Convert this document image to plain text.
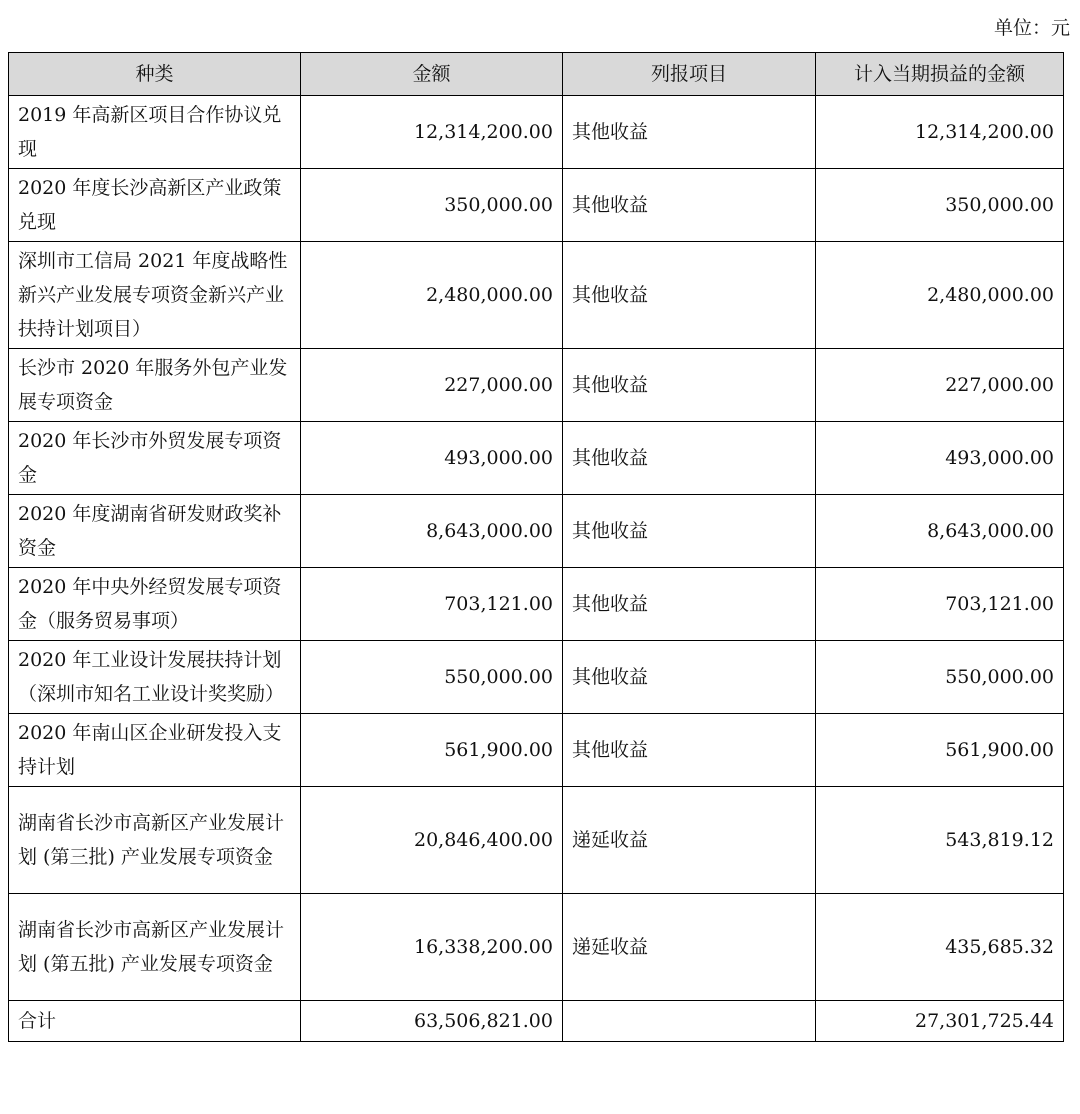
单位：元
种类	金额	列报项目	计入当期损益的金额
2019 年高新区项目合作协议兑现	12,314,200.00	其他收益	12,314,200.00
2020 年度长沙高新区产业政策兑现	350,000.00	其他收益	350,000.00
深圳市工信局 2021 年度战略性新兴产业发展专项资金新兴产业扶持计划项目）	2,480,000.00	其他收益	2,480,000.00
长沙市 2020 年服务外包产业发展专项资金	227,000.00	其他收益	227,000.00
2020 年长沙市外贸发展专项资金	493,000.00	其他收益	493,000.00
2020 年度湖南省研发财政奖补资金	8,643,000.00	其他收益	8,643,000.00
2020 年中央外经贸发展专项资金（服务贸易事项）	703,121.00	其他收益	703,121.00
2020 年工业设计发展扶持计划（深圳市知名工业设计奖奖励）	550,000.00	其他收益	550,000.00
2020 年南山区企业研发投入支持计划	561,900.00	其他收益	561,900.00
湖南省长沙市高新区产业发展计划 (第三批) 产业发展专项资金	20,846,400.00	递延收益	543,819.12
湖南省长沙市高新区产业发展计划 (第五批) 产业发展专项资金	16,338,200.00	递延收益	435,685.32
合计	63,506,821.00		27,301,725.44
